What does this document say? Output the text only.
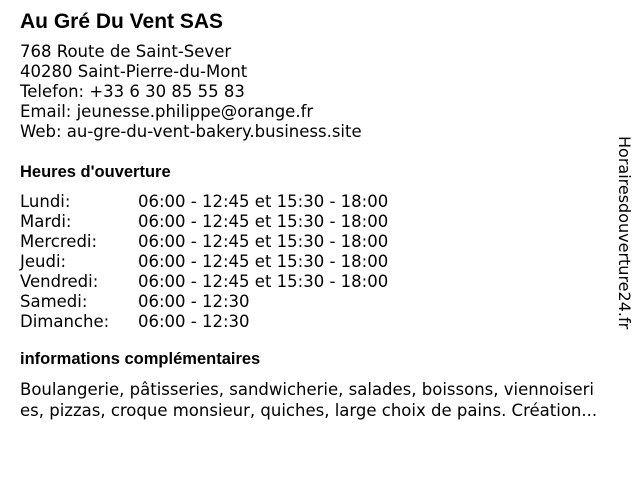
Au Gré Du Vent SAS
768 Route de Saint-Sever
40280 Saint-Pierre-du-Mont
Telefon: +33 6 30 85 55 83
Email: jeunesse.philippe@orange.fr
Web: au-gre-du-vent-bakery.business.site
Heures d'ouverture
Lundi:	06:00 - 12:45 et 15:30 - 18:00
Mardi:	06:00 - 12:45 et 15:30 - 18:00
Mercredi:	06:00 - 12:45 et 15:30 - 18:00
Jeudi:	06:00 - 12:45 et 15:30 - 18:00
Vendredi:	06:00 - 12:45 et 15:30 - 18:00
Samedi:	06:00 - 12:30
Dimanche:	06:00 - 12:30
informations complémentaires
Boulangerie, pâtisseries, sandwicherie, salades, boissons, viennoiseri
es, pizzas, croque monsieur, quiches, large choix de pains. Création...
Horairesdouverture24.fr
